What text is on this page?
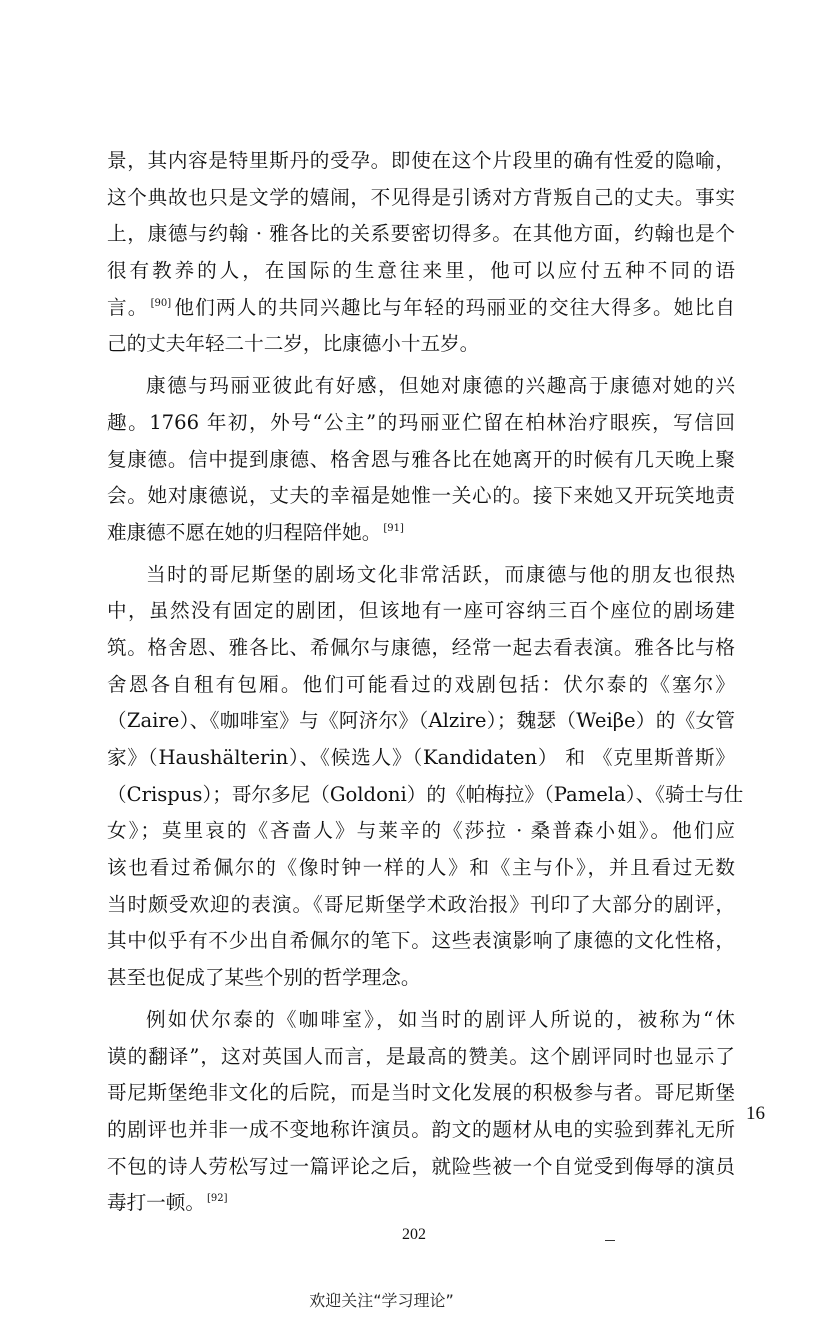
景，其内容是特里斯丹的受孕。即使在这个片段里的确有性爱的隐喻，
这个典故也只是文学的嬉闹，不见得是引诱对方背叛自己的丈夫。事实
上，康德与约翰 · 雅各比的关系要密切得多。在其他方面，约翰也是个
很有教养的人，在国际的生意往来里，他可以应付五种不同的语
言。 [90] 他们两人的共同兴趣比与年轻的玛丽亚的交往大得多。她比自
己的丈夫年轻二十二岁，比康德小十五岁。
康德与玛丽亚彼此有好感，但她对康德的兴趣高于康德对她的兴
趣。1766 年初，外号“公主”的玛丽亚伫留在柏林治疗眼疾，写信回
复康德。信中提到康德、格舍恩与雅各比在她离开的时候有几天晚上聚
会。她对康德说，丈夫的幸福是她惟一关心的。接下来她又开玩笑地责
难康德不愿在她的归程陪伴她。 [91]
当时的哥尼斯堡的剧场文化非常活跃，而康德与他的朋友也很热
中，虽然没有固定的剧团，但该地有一座可容纳三百个座位的剧场建
筑。格舍恩、雅各比、希佩尔与康德，经常一起去看表演。雅各比与格
舍恩各自租有包厢。他们可能看过的戏剧包括：伏尔泰的《塞尔》
（Zaire）、《咖啡室》与《阿济尔》（Alzire）；魏瑟（Weiβe）的《女管
家》（Haushälterin）、《候选人》（Kandidaten） 和 《克里斯普斯》
（Crispus）；哥尔多尼（Goldoni）的《帕梅拉》（Pamela）、《骑士与仕
女》；莫里哀的《吝啬人》与莱辛的《莎拉 · 桑普森小姐》。他们应
该也看过希佩尔的《像时钟一样的人》和《主与仆》，并且看过无数
当时颇受欢迎的表演。《哥尼斯堡学术政治报》刊印了大部分的剧评，
其中似乎有不少出自希佩尔的笔下。这些表演影响了康德的文化性格，
甚至也促成了某些个别的哲学理念。
例如伏尔泰的《咖啡室》，如当时的剧评人所说的，被称为“休
谟的翻译”，这对英国人而言，是最高的赞美。这个剧评同时也显示了
哥尼斯堡绝非文化的后院，而是当时文化发展的积极参与者。哥尼斯堡
的剧评也并非一成不变地称许演员。韵文的题材从电的实验到葬礼无所
不包的诗人劳松写过一篇评论之后，就险些被一个自觉受到侮辱的演员
毒打一顿。 [92]
16
202
欢迎关注“学习理论”
